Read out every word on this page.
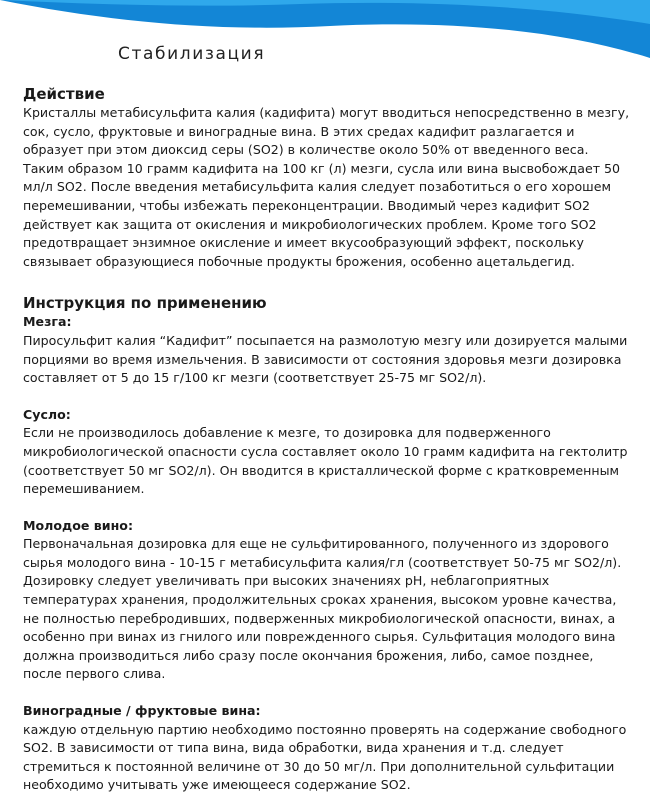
Стабилизация
Действие

Кристаллы метабисульфита калия (кадифита) могут вводиться непосредственно в мезгу, сок, сусло, фруктовые и виноградные вина. В этих средах кадифит разлагается и образует при этом диоксид серы (SO2) в количестве около 50% от введенного веса. Таким образом 10 грамм кадифита на 100 кг (л) мезги, сусла или вина высвобождает 50 мл/л SO2. После введения метабисульфита калия следует позаботиться о его хорошем перемешивании, чтобы избежать переконцентрации. Вводимый через кадифит SO2 действует как защита от окисления и микробиологических проблем. Кроме того SO2 предотвращает энзимное окисление и имеет вкусообразующий эффект, поскольку связывает образующиеся побочные продукты брожения, особенно ацетальдегид.

Инструкция по применению
Мезга:

Пиросульфит калия “Кадифит” посыпается на размолотую мезгу или дозируется малыми порциями во время измельчения. В зависимости от состояния здоровья мезги дозировка составляет от 5 до 15 г/100 кг мезги (соответствует 25-75 мг SO2/л).

Сусло:

Если не производилось добавление к мезге, то дозировка для подверженного микробиологической опасности сусла составляет около 10 грамм кадифита на гектолитр (соответствует 50 мг SO2/л). Он вводится в кристаллической форме с кратковременным перемешиванием.

Молодое вино:

Первоначальная дозировка для еще не сульфитированного, полученного из здорового сырья молодого вина - 10-15 г метабисульфита калия/гл (соответствует 50-75 мг SO2/л). Дозировку следует увеличивать при высоких значениях pH, неблагоприятных температурах хранения, продолжительных сроках хранения, высоком уровне качества, не полностью перебродивших, подверженных микробиологической опасности, винах, а особенно при винах из гнилого или поврежденного сырья. Сульфитация молодого вина должна производиться либо сразу после окончания брожения, либо, самое позднее, после первого слива.

Виноградные / фруктовые вина:

каждую отдельную партию необходимо постоянно проверять на содержание свободного SO2. В зависимости от типа вина, вида обработки, вида хранения и т.д. следует стремиться к постоянной величине от 30 до 50 мг/л. При дополнительной сульфитации необходимо учитывать уже имеющееся содержание SO2.
